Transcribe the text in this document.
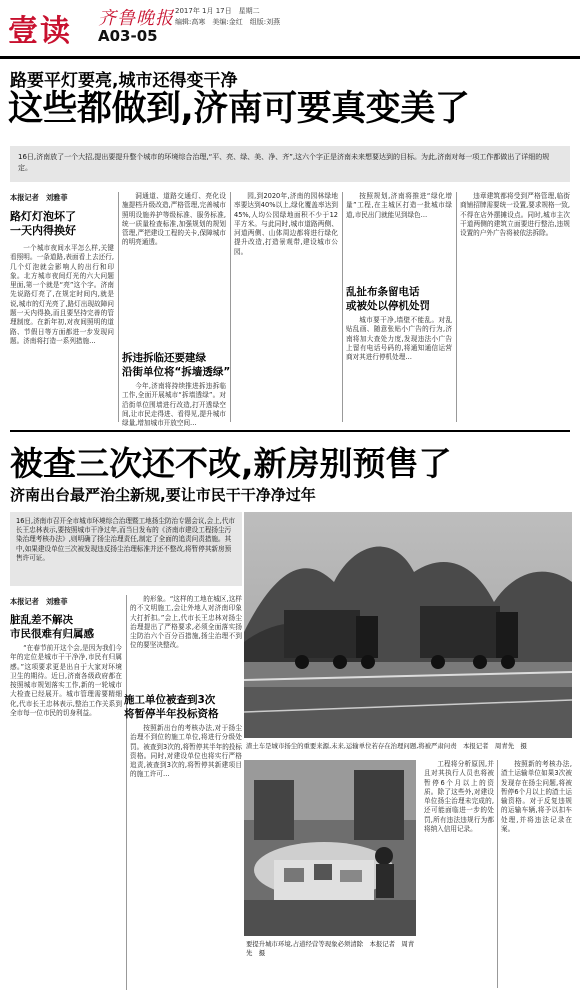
壹读 齐鲁晚报 2017年 1月 17日　星期二
编辑:高寒　美编:金红　组版:刘燕
A03-05
路要平灯要亮,城市还得变干净
这些都做到,济南可要真变美了
16日,济南放了一个大招,提出要提升整个城市的环境综合治理,“平、亮、绿、美、净、齐”,这六个字正是济南未来想要达到的目标。为此,济南对每一项工作都做出了详细的规定。
本报记者　刘雅菲
路灯灯泡坏了
一天内得换好

一个城市夜间水平怎么样,关键看照明。一条道路,表面看上去还行,几个灯泡就会影响人的出行和印象。北方城市夜间灯光的六大问题里面,第一个就是“亮”这个字。济南先说路灯亮了,在规定时间内,就是说,城市的灯光亮了,路灯出现故障问题一天内得换,而且要坚持完善的管理制度。在新年初,对夜间照明的道路、节假日等方面都进一步发现问题。济南将打造一系列措施…

洞通道、道路交通灯、亮化设施提档升级改造,严格管理,完善城市照明设施养护等级标准、服务标准,统一质量检查标准,加强规划的规划管理,严把建设工程的关卡,保障城市的明亮通透。

拆违拆临还要建绿
沿街单位将“拆墙透绿”

今年,济南将持续推进拆违拆临工作,全面开展城市“拆墙透绿”。对沿街单位围墙进行改造,打开透绿空间,让市民走得进、看得见,提升城市绿量,增加城市开放空间…

园,到2020年,济南的园林绿地率要达到40%以上,绿化覆盖率达到45%,人均公园绿地面积不少于12平方米。与此同时,城市道路两侧、河道两侧、山体周边都将进行绿化提升改造,打造景观带,建设城市公园。

按照规划,济南将推进“绿化增量”工程,在主城区打造一批城市绿道,市民出门就能见到绿色…

乱扯布条留电话
或被处以停机处罚

城市要干净,墙壁不能乱。对乱贴乱画、随意张贴小广告的行为,济南将加大查处力度,发现违法小广告上留有电话号码的,将通知通信运营商对其进行停机处理…

违章建筑都将受到严格管理,临街商铺招牌需要统一设置,要求规格一致,不得在店外摆摊设点。同时,城市主次干道两侧的建筑立面要进行整治,违规设置的户外广告将被依法拆除。

被查三次还不改,新房别预售了
济南出台最严治尘新规,要让市民干干净净过年
16日,济南市召开全市城市环境综合治理暨工地扬尘防治专题会议,会上,代市长王忠林表示,要按照城市干净过年,而当日发布的《济南市建设工程扬尘污染治理考核办法》,则明确了扬尘治理责任,制定了全面的追责问责措施。其中,如果建设单位三次被发现违反扬尘治理标准并还不整改,将暂停其新房预售许可证。
本报记者　刘雅菲
脏乱差不解决
市民很难有归属感

“在春节前开这个会,是因为我们今年的定位是城市干干净净,市民有归属感。”这项要求更是出自于大家对环境卫生的期待。近日,济南各级政府都在按照城市规划落实工作,新的一轮城市大检查已经展开。城市管理需要精细化,代市长王忠林表示,整治工作关系到全市每一位市民的切身利益。

的形象。“这样的工地在城区,这样的不文明施工,会让外地人对济南印象大打折扣。”会上,代市长王忠林对扬尘治理提出了严格要求,必须全面落实扬尘防治六个百分百措施,扬尘治理不到位的要坚决整改。

施工单位被查到3次
将暂停半年投标资格

按照新出台的考核办法,对于扬尘治理不到位的施工单位,将进行分级处罚。被查到3次的,将暂停其半年的投标资格。同时,对建设单位也将实行严格追责,被查到3次的,将暂停其新建项目的施工许可…

渣土车是城市扬尘的重要来源,未来,运输单位若存在治理问题,将被严肃问责　本报记者　周青先　摄
要提升城市环境,占道经营等现象必须清除　本报记者　周青先　摄

工程将分析原因,并且对其执行人员也将被暂停6个月以上的资质。除了这些外,对建设单位扬尘治理未完成的,还可能面临进一步的处罚,所有违法违规行为都将纳入信用记录。

按照新的考核办法,渣土运输单位如果3次被发现存在扬尘问题,将被暂停6个月以上的渣土运输资格。对于反复违规的运输车辆,将予以扣车处理,并将违法记录在案。
